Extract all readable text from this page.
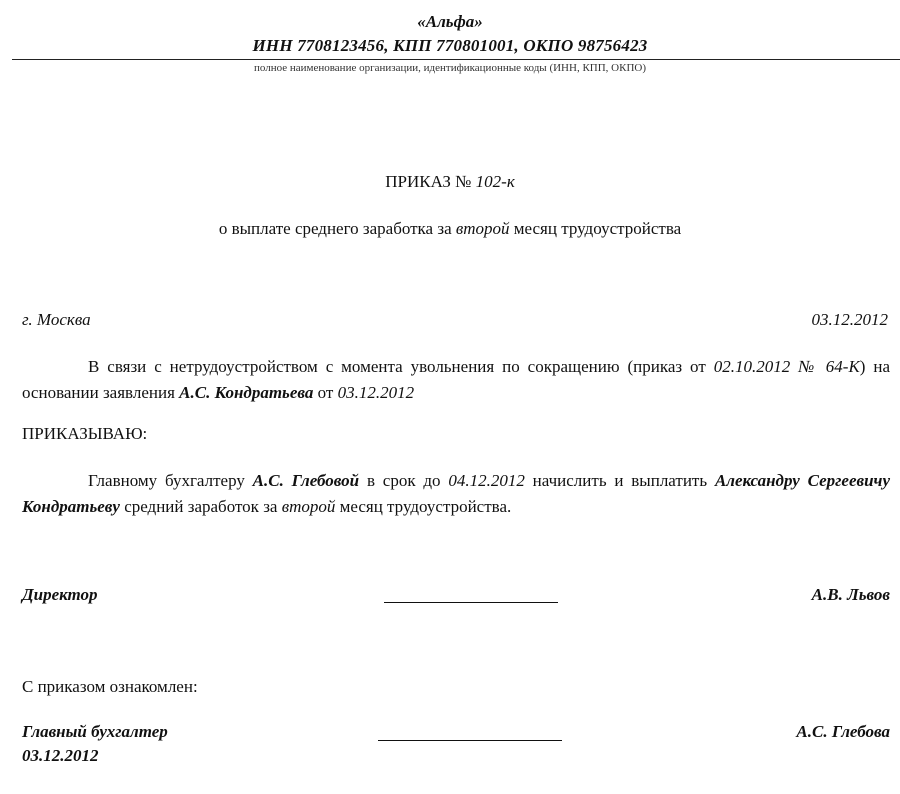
«Альфа»
ИНН 7708123456, КПП 770801001, ОКПО 98756423
полное наименование организации, идентификационные коды (ИНН, КПП, ОКПО)
ПРИКАЗ № 102-к
о выплате среднего заработка за второй месяц трудоустройства
г. Москва	03.12.2012
В связи с нетрудоустройством с момента увольнения по сокращению (приказ от 02.10.2012 № 64-К) на основании заявления А.С. Кондратьева от 03.12.2012
ПРИКАЗЫВАЮ:
Главному бухгалтеру А.С. Глебовой в срок до 04.12.2012 начислить и выплатить Александру Сергеевичу Кондратьеву средний заработок за второй месяц трудоустройства.
Директор	А.В. Львов
С приказом ознакомлен:
Главный бухгалтер	А.С. Глебова
03.12.2012
